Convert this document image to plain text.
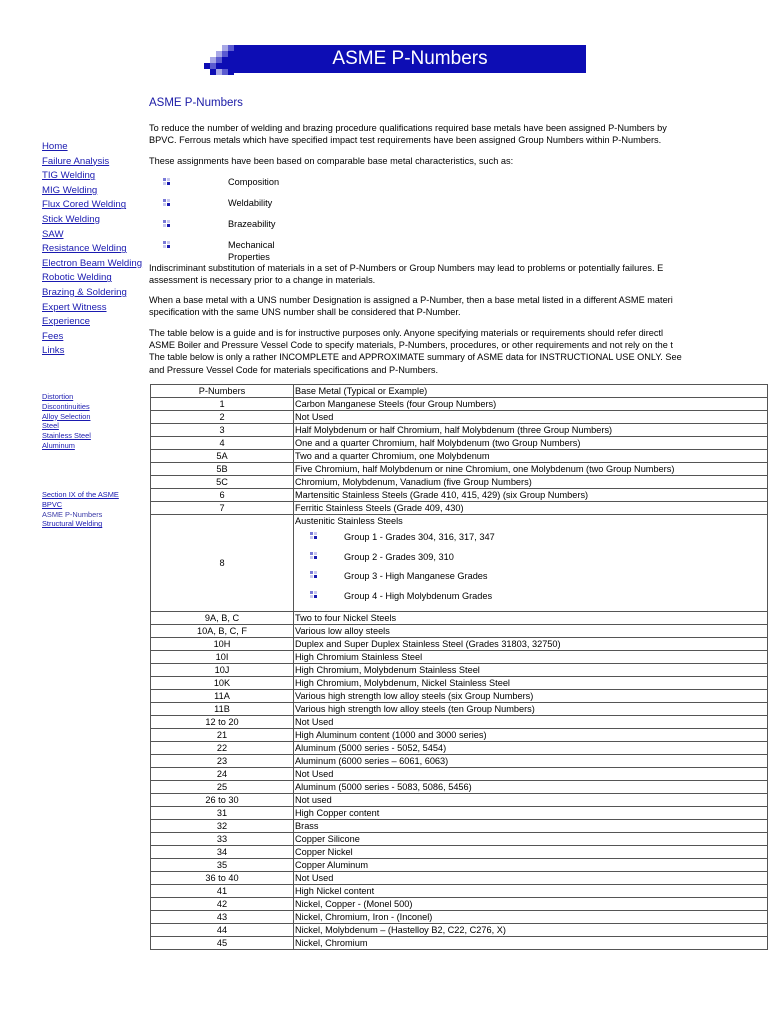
ASME P-Numbers
ASME P-Numbers
Home
Failure Analysis
TIG Welding
MIG Welding
Flux Cored Welding
Stick Welding
SAW
Resistance Welding
Electron Beam Welding
Robotic Welding
Brazing & Soldering
Expert Witness
Experience
Fees
Links
Distortion
Discontinuities
Alloy Selection
Steel
Stainless Steel
Aluminum
Section IX of the ASME
BPVC
ASME P-Numbers
Structural Welding

To reduce the number of welding and brazing procedure qualifications required base metals have been assigned P-Numbers by

BPVC. Ferrous metals which have specified impact test requirements have been assigned Group Numbers within P-Numbers.

These assignments have been based on comparable base metal characteristics, such as:

Composition
Weldability
Brazeability
Mechanical Properties

Indiscriminant substitution of materials in a set of P-Numbers or Group Numbers may lead to problems or potentially failures. E

assessment is necessary prior to a change in materials.

When a base metal with a UNS number Designation is assigned a P-Number, then a base metal listed in a different ASME materi

specification with the same UNS number shall be considered that P-Number.

The table below is a guide and is for instructive purposes only. Anyone specifying materials or requirements should refer directl

ASME Boiler and Pressure Vessel Code to specify materials, P-Numbers, procedures, or other requirements and not rely on the t

The table below is only a rather INCOMPLETE and APPROXIMATE summary of ASME data for INSTRUCTIONAL USE ONLY. See

and Pressure Vessel Code for materials specifications and P-Numbers.

P-Numbers	Base Metal (Typical or Example)
1	Carbon Manganese Steels (four Group Numbers)
2	Not Used
3	Half Molybdenum or half Chromium, half Molybdenum (three Group Numbers)
4	One and a quarter Chromium, half Molybdenum (two Group Numbers)
5A	Two and a quarter Chromium, one Molybdenum
5B	Five Chromium, half Molybdenum or nine Chromium, one Molybdenum (two Group Numbers)
5C	Chromium, Molybdenum, Vanadium (five Group Numbers)
6	Martensitic Stainless Steels (Grade 410, 415, 429) (six Group Numbers)
7	Ferritic Stainless Steels (Grade 409, 430)
8	Austenitic Stainless Steels
Group 1 - Grades 304, 316, 317, 347
Group 2 - Grades 309, 310
Group 3 - High Manganese Grades
Group 4 - High Molybdenum Grades

9A, B, C	Two to four Nickel Steels
10A, B, C, F	Various low alloy steels
10H	Duplex and Super Duplex Stainless Steel (Grades 31803, 32750)
10I	High Chromium Stainless Steel
10J	High Chromium, Molybdenum Stainless Steel
10K	High Chromium, Molybdenum, Nickel Stainless Steel
11A	Various high strength low alloy steels (six Group Numbers)
11B	Various high strength low alloy steels (ten Group Numbers)
12 to 20	Not Used
21	High Aluminum content (1000 and 3000 series)
22	Aluminum (5000 series - 5052, 5454)
23	Aluminum (6000 series – 6061, 6063)
24	Not Used
25	Aluminum (5000 series - 5083, 5086, 5456)
26 to 30	Not used
31	High Copper content
32	Brass
33	Copper Silicone
34	Copper Nickel
35	Copper Aluminum
36 to 40	Not Used
41	High Nickel content
42	Nickel, Copper - (Monel 500)
43	Nickel, Chromium, Iron - (Inconel)
44	Nickel, Molybdenum – (Hastelloy B2, C22, C276, X)
45	Nickel, Chromium
